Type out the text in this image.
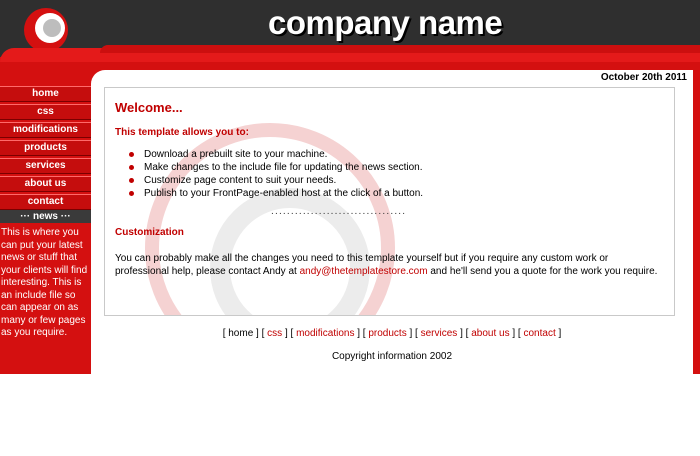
company name
home
css
modifications
products
services
about us
contact
··· news ···
This is where you can put your latest news or stuff that your clients will find interesting. This is an include file so can appear on as many or few pages as you require.
October 20th 2011
Welcome...
This template allows you to:
Download a prebuilt site to your machine.
Make changes to the include file for updating the news section.
Customize page content to suit your needs.
Publish to your FrontPage-enabled host at the click of a button.
..................................
Customization
You can probably make all the changes you need to this template yourself but if you require any custom work or professional help, please contact Andy at andy@thetemplatestore.com and he'll send you a quote for the work you require.
[ home ] [ css ] [ modifications ] [ products ] [ services ] [ about us ] [ contact ]
Copyright information 2002
